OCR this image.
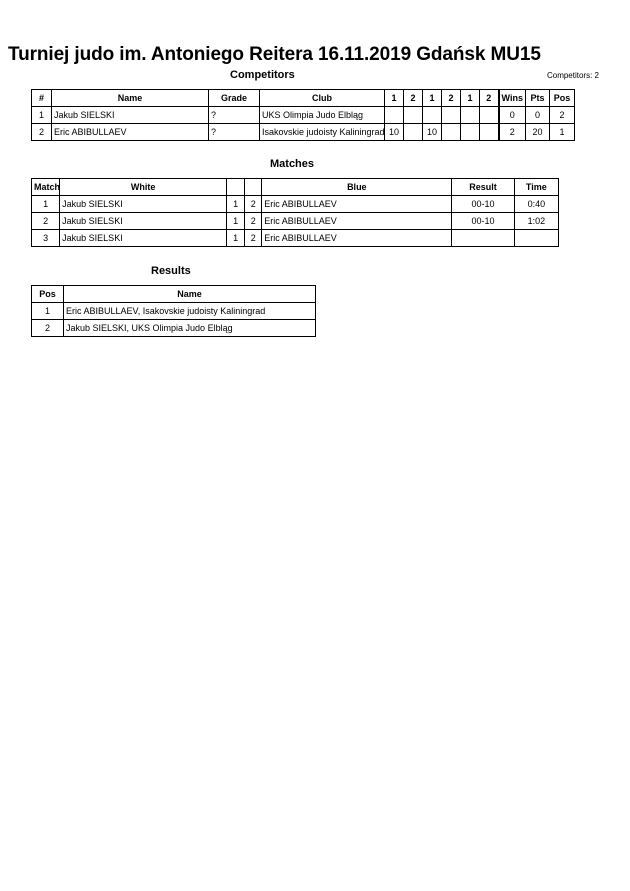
Turniej judo im. Antoniego Reitera 16.11.2019 Gdańsk MU15
Competitors	Competitors: 2
#	Name	Grade	Club	1	2	1	2	1	2	Wins	Pts	Pos
1	Jakub SIELSKI	?	UKS Olimpia Judo Elbląg							0	0	2
2	Eric ABIBULLAEV	?	Isakovskie judoisty Kaliningrad	10		10				2	20	1
Matches
Match	White			Blue	Result	Time
1	Jakub SIELSKI	1	2	Eric ABIBULLAEV	00-10	0:40
2	Jakub SIELSKI	1	2	Eric ABIBULLAEV	00-10	1:02
3	Jakub SIELSKI	1	2	Eric ABIBULLAEV		
Results
Pos	Name
1	Eric ABIBULLAEV, Isakovskie judoisty Kaliningrad
2	Jakub SIELSKI, UKS Olimpia Judo Elbląg
